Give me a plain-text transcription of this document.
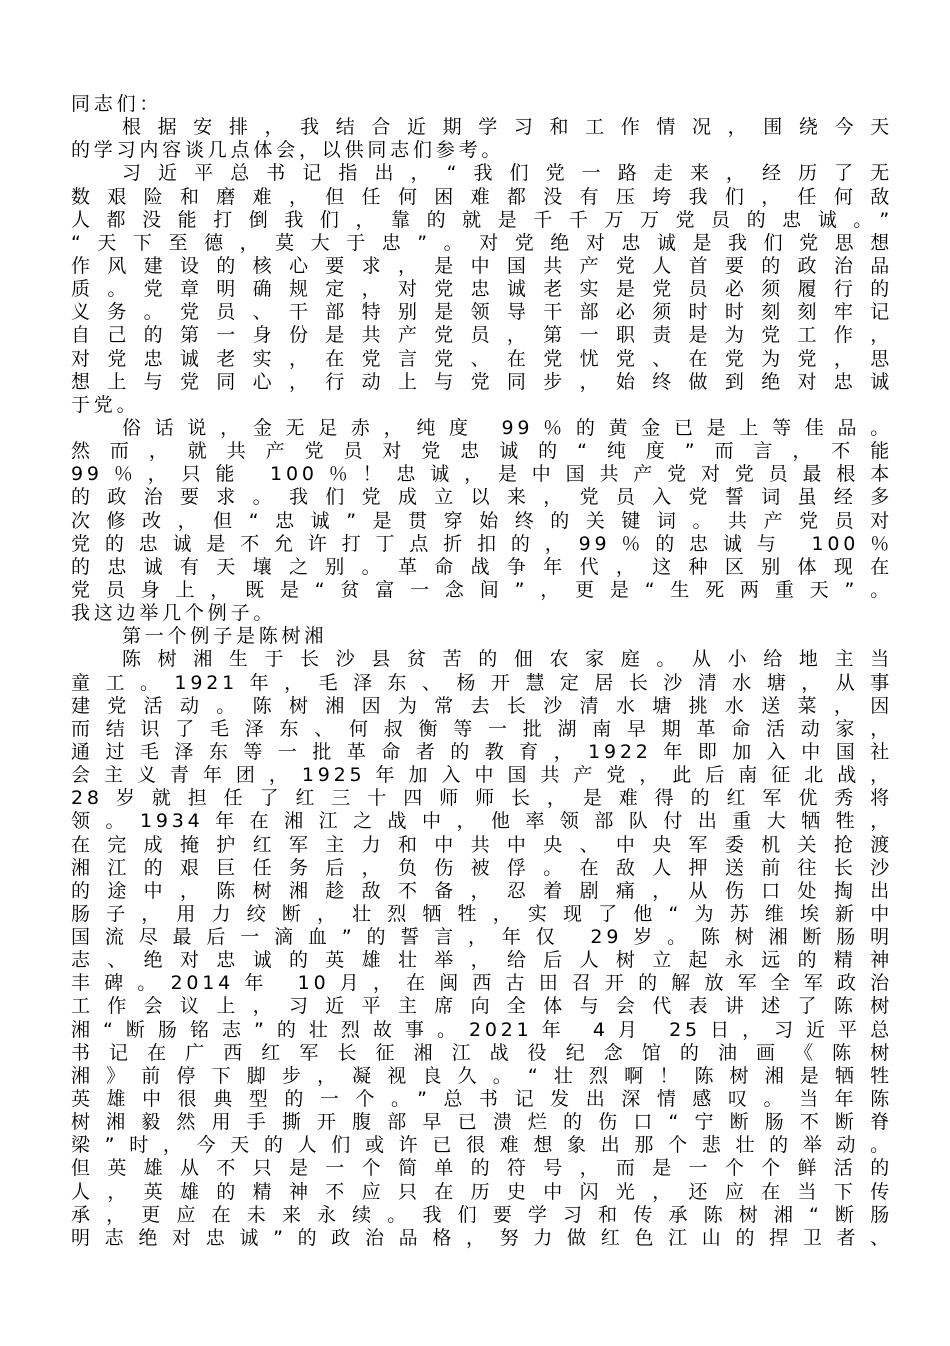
同志们：
根据安排，我结合近期学习和工作情况，围绕今天
的学习内容谈几点体会，以供同志们参考。
习近平总书记指出，“我们党一路走来，经历了无
数艰险和磨难，但任何困难都没有压垮我们，任何敌
人都没能打倒我们，靠的就是千千万万党员的忠诚。”
“天下至德，莫大于忠”。对党绝对忠诚是我们党思想
作风建设的核心要求，是中国共产党人首要的政治品
质。党章明确规定，对党忠诚老实是党员必须履行的
义务。党员、干部特别是领导干部必须时时刻刻牢记
自己的第一身份是共产党员，第一职责是为党工作，
对党忠诚老实，在党言党、在党忧党、在党为党，思
想上与党同心，行动上与党同步，始终做到绝对忠诚
于党。
俗话说，金无足赤，纯度 99％的黄金已是上等佳品。
然而，就共产党员对党忠诚的“纯度”而言，不能
99％，只能 100％！忠诚，是中国共产党对党员最根本
的政治要求。我们党成立以来，党员入党誓词虽经多
次修改，但“忠诚”是贯穿始终的关键词。共产党员对
党的忠诚是不允许打丁点折扣的，99％的忠诚与 100％
的忠诚有天壤之别。革命战争年代，这种区别体现在
党员身上，既是“贫富一念间”，更是“生死两重天”。
我这边举几个例子。
第一个例子是陈树湘
陈树湘生于长沙县贫苦的佃农家庭。从小给地主当
童工。1921年，毛泽东、杨开慧定居长沙清水塘，从事
建党活动。陈树湘因为常去长沙清水塘挑水送菜，因
而结识了毛泽东、何叔衡等一批湖南早期革命活动家，
通过毛泽东等一批革命者的教育，1922年即加入中国社
会主义青年团，1925年加入中国共产党，此后南征北战，
28岁就担任了红三十四师师长，是难得的红军优秀将
领。1934年在湘江之战中，他率领部队付出重大牺牲，
在完成掩护红军主力和中共中央、中央军委机关抢渡
湘江的艰巨任务后，负伤被俘。在敌人押送前往长沙
的途中，陈树湘趁敌不备，忍着剧痛，从伤口处掏出
肠子，用力绞断，壮烈牺牲，实现了他“为苏维埃新中
国流尽最后一滴血”的誓言，年仅 29岁。陈树湘断肠明
志、绝对忠诚的英雄壮举，给后人树立起永远的精神
丰碑。2014年 10月，在闽西古田召开的解放军全军政治
工作会议上，习近平主席向全体与会代表讲述了陈树
湘“断肠铭志”的壮烈故事。2021年 4月 25日，习近平总
书记在广西红军长征湘江战役纪念馆的油画《陈树
湘》前停下脚步，凝视良久。“壮烈啊！陈树湘是牺牲
英雄中很典型的一个。”总书记发出深情感叹。当年陈
树湘毅然用手撕开腹部早已溃烂的伤口“宁断肠不断脊
梁”时，今天的人们或许已很难想象出那个悲壮的举动。
但英雄从不只是一个简单的符号，而是一个个鲜活的
人，英雄的精神不应只在历史中闪光，还应在当下传
承，更应在未来永续。我们要学习和传承陈树湘“断肠
明志绝对忠诚”的政治品格，努力做红色江山的捍卫者、
